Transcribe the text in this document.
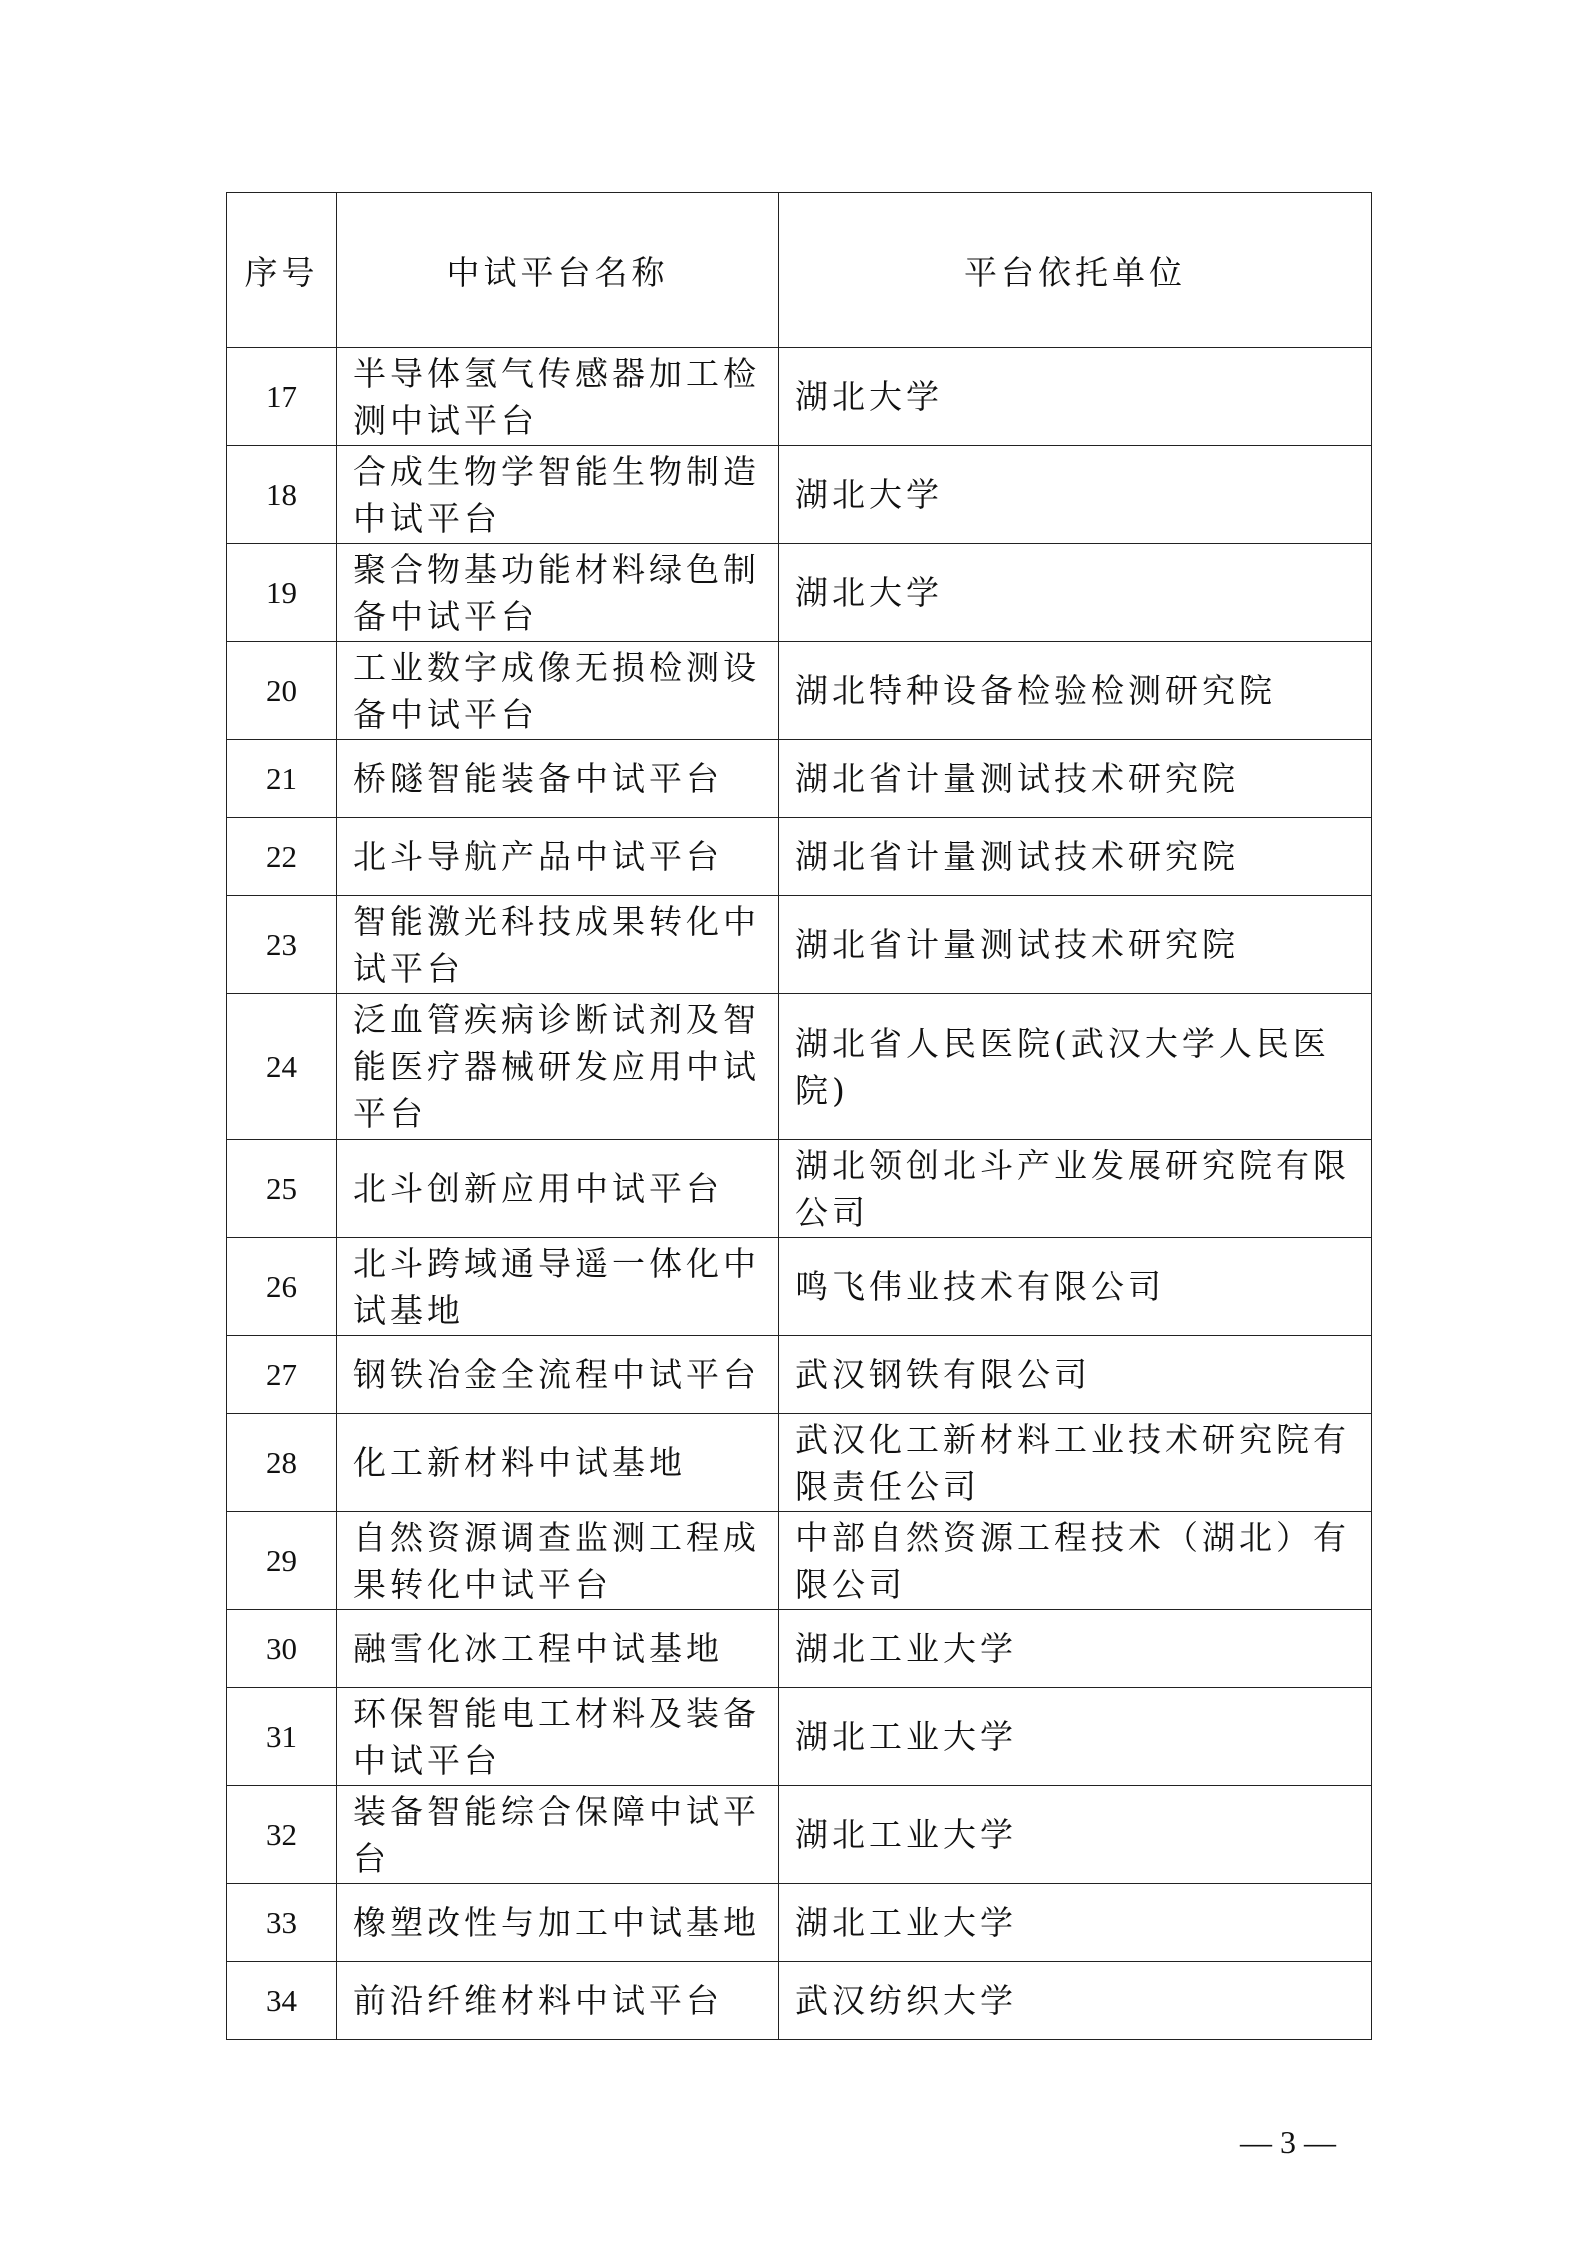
序号	中试平台名称	平台依托单位
17	半导体氢气传感器加工检测中试平台	湖北大学
18	合成生物学智能生物制造中试平台	湖北大学
19	聚合物基功能材料绿色制备中试平台	湖北大学
20	工业数字成像无损检测设备中试平台	湖北特种设备检验检测研究院
21	桥隧智能装备中试平台	湖北省计量测试技术研究院
22	北斗导航产品中试平台	湖北省计量测试技术研究院
23	智能激光科技成果转化中试平台	湖北省计量测试技术研究院
24	泛血管疾病诊断试剂及智能医疗器械研发应用中试平台	湖北省人民医院(武汉大学人民医院)
25	北斗创新应用中试平台	湖北领创北斗产业发展研究院有限公司
26	北斗跨域通导遥一体化中试基地	鸣飞伟业技术有限公司
27	钢铁冶金全流程中试平台	武汉钢铁有限公司
28	化工新材料中试基地	武汉化工新材料工业技术研究院有限责任公司
29	自然资源调查监测工程成果转化中试平台	中部自然资源工程技术（湖北）有限公司
30	融雪化冰工程中试基地	湖北工业大学
31	环保智能电工材料及装备中试平台	湖北工业大学
32	装备智能综合保障中试平台	湖北工业大学
33	橡塑改性与加工中试基地	湖北工业大学
34	前沿纤维材料中试平台	武汉纺织大学
— 3 —
